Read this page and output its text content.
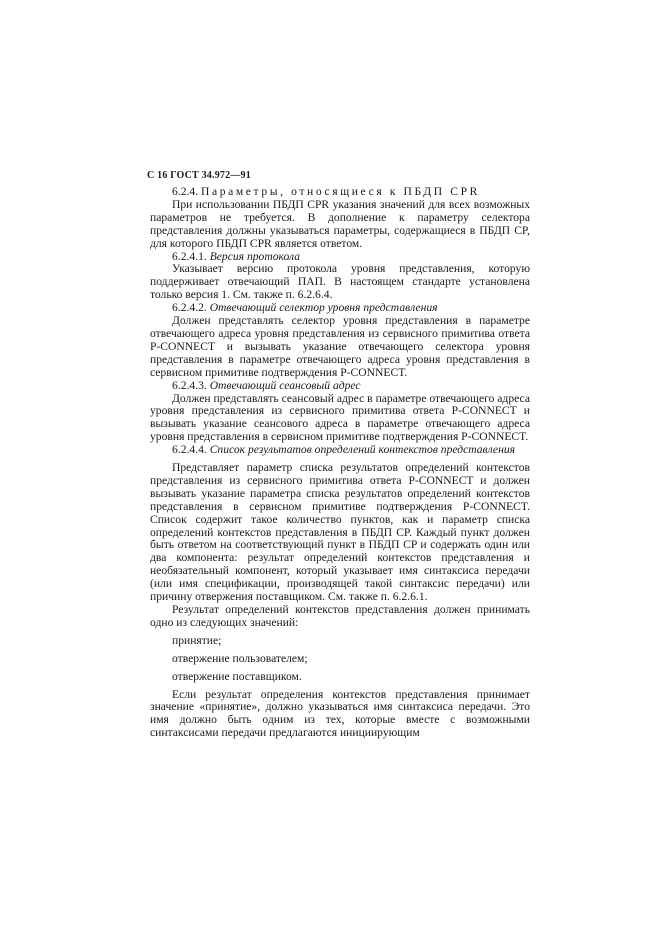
С 16 ГОСТ 34.972—91

6.2.4. Параметры, относящиеся к ПБДП CPR

При использовании ПБДП CPR указания значений для всех возможных параметров не требуется. В дополнение к параметру селектора представления должны указываться параметры, содержащиеся в ПБДП CP, для которого ПБДП CPR является ответом.

6.2.4.1. Версия протокола

Указывает версию протокола уровня представления, которую поддерживает отвечающий ПАП. В настоящем стандарте установлена только версия 1. См. также п. 6.2.6.4.

6.2.4.2. Отвечающий селектор уровня представления

Должен представлять селектор уровня представления в параметре отвечающего адреса уровня представления из сервисного примитива ответа P-CONNECT и вызывать указание отвечающего селектора уровня представления в параметре отвечающего адреса уровня представления в сервисном примитиве подтверждения P-CONNECT.

6.2.4.3. Отвечающий сеансовый адрес

Должен представлять сеансовый адрес в параметре отвечающего адреса уровня представления из сервисного примитива ответа P-CONNECT и вызывать указание сеансового адреса в параметре отвечающего адреса уровня представления в сервисном примитиве подтверждения P-CONNECT.

6.2.4.4. Список результатов определений контекстов представления

Представляет параметр списка результатов определений контекстов представления из сервисного примитива ответа P-CONNECT и должен вызывать указание параметра списка результатов определений контекстов представления в сервисном примитиве подтверждения P-CONNECT. Список содержит такое количество пунктов, как и параметр списка определений контекстов представления в ПБДП CP. Каждый пункт должен быть ответом на соответствующий пункт в ПБДП CP и содержать один или два компонента: результат определений контекстов представления и необязательный компонент, который указывает имя синтаксиса передачи (или имя спецификации, производящей такой синтаксис передачи) или причину отвержения поставщиком. См. также п. 6.2.6.1.

Результат определений контекстов представления должен принимать одно из следующих значений:

принятие;

отвержение пользователем;

отвержение поставщиком.

Если результат определения контекстов представления принимает значение «принятие», должно указываться имя синтаксиса передачи. Это имя должно быть одним из тех, которые вместе с возможными синтаксисами передачи предлагаются инициирующим
